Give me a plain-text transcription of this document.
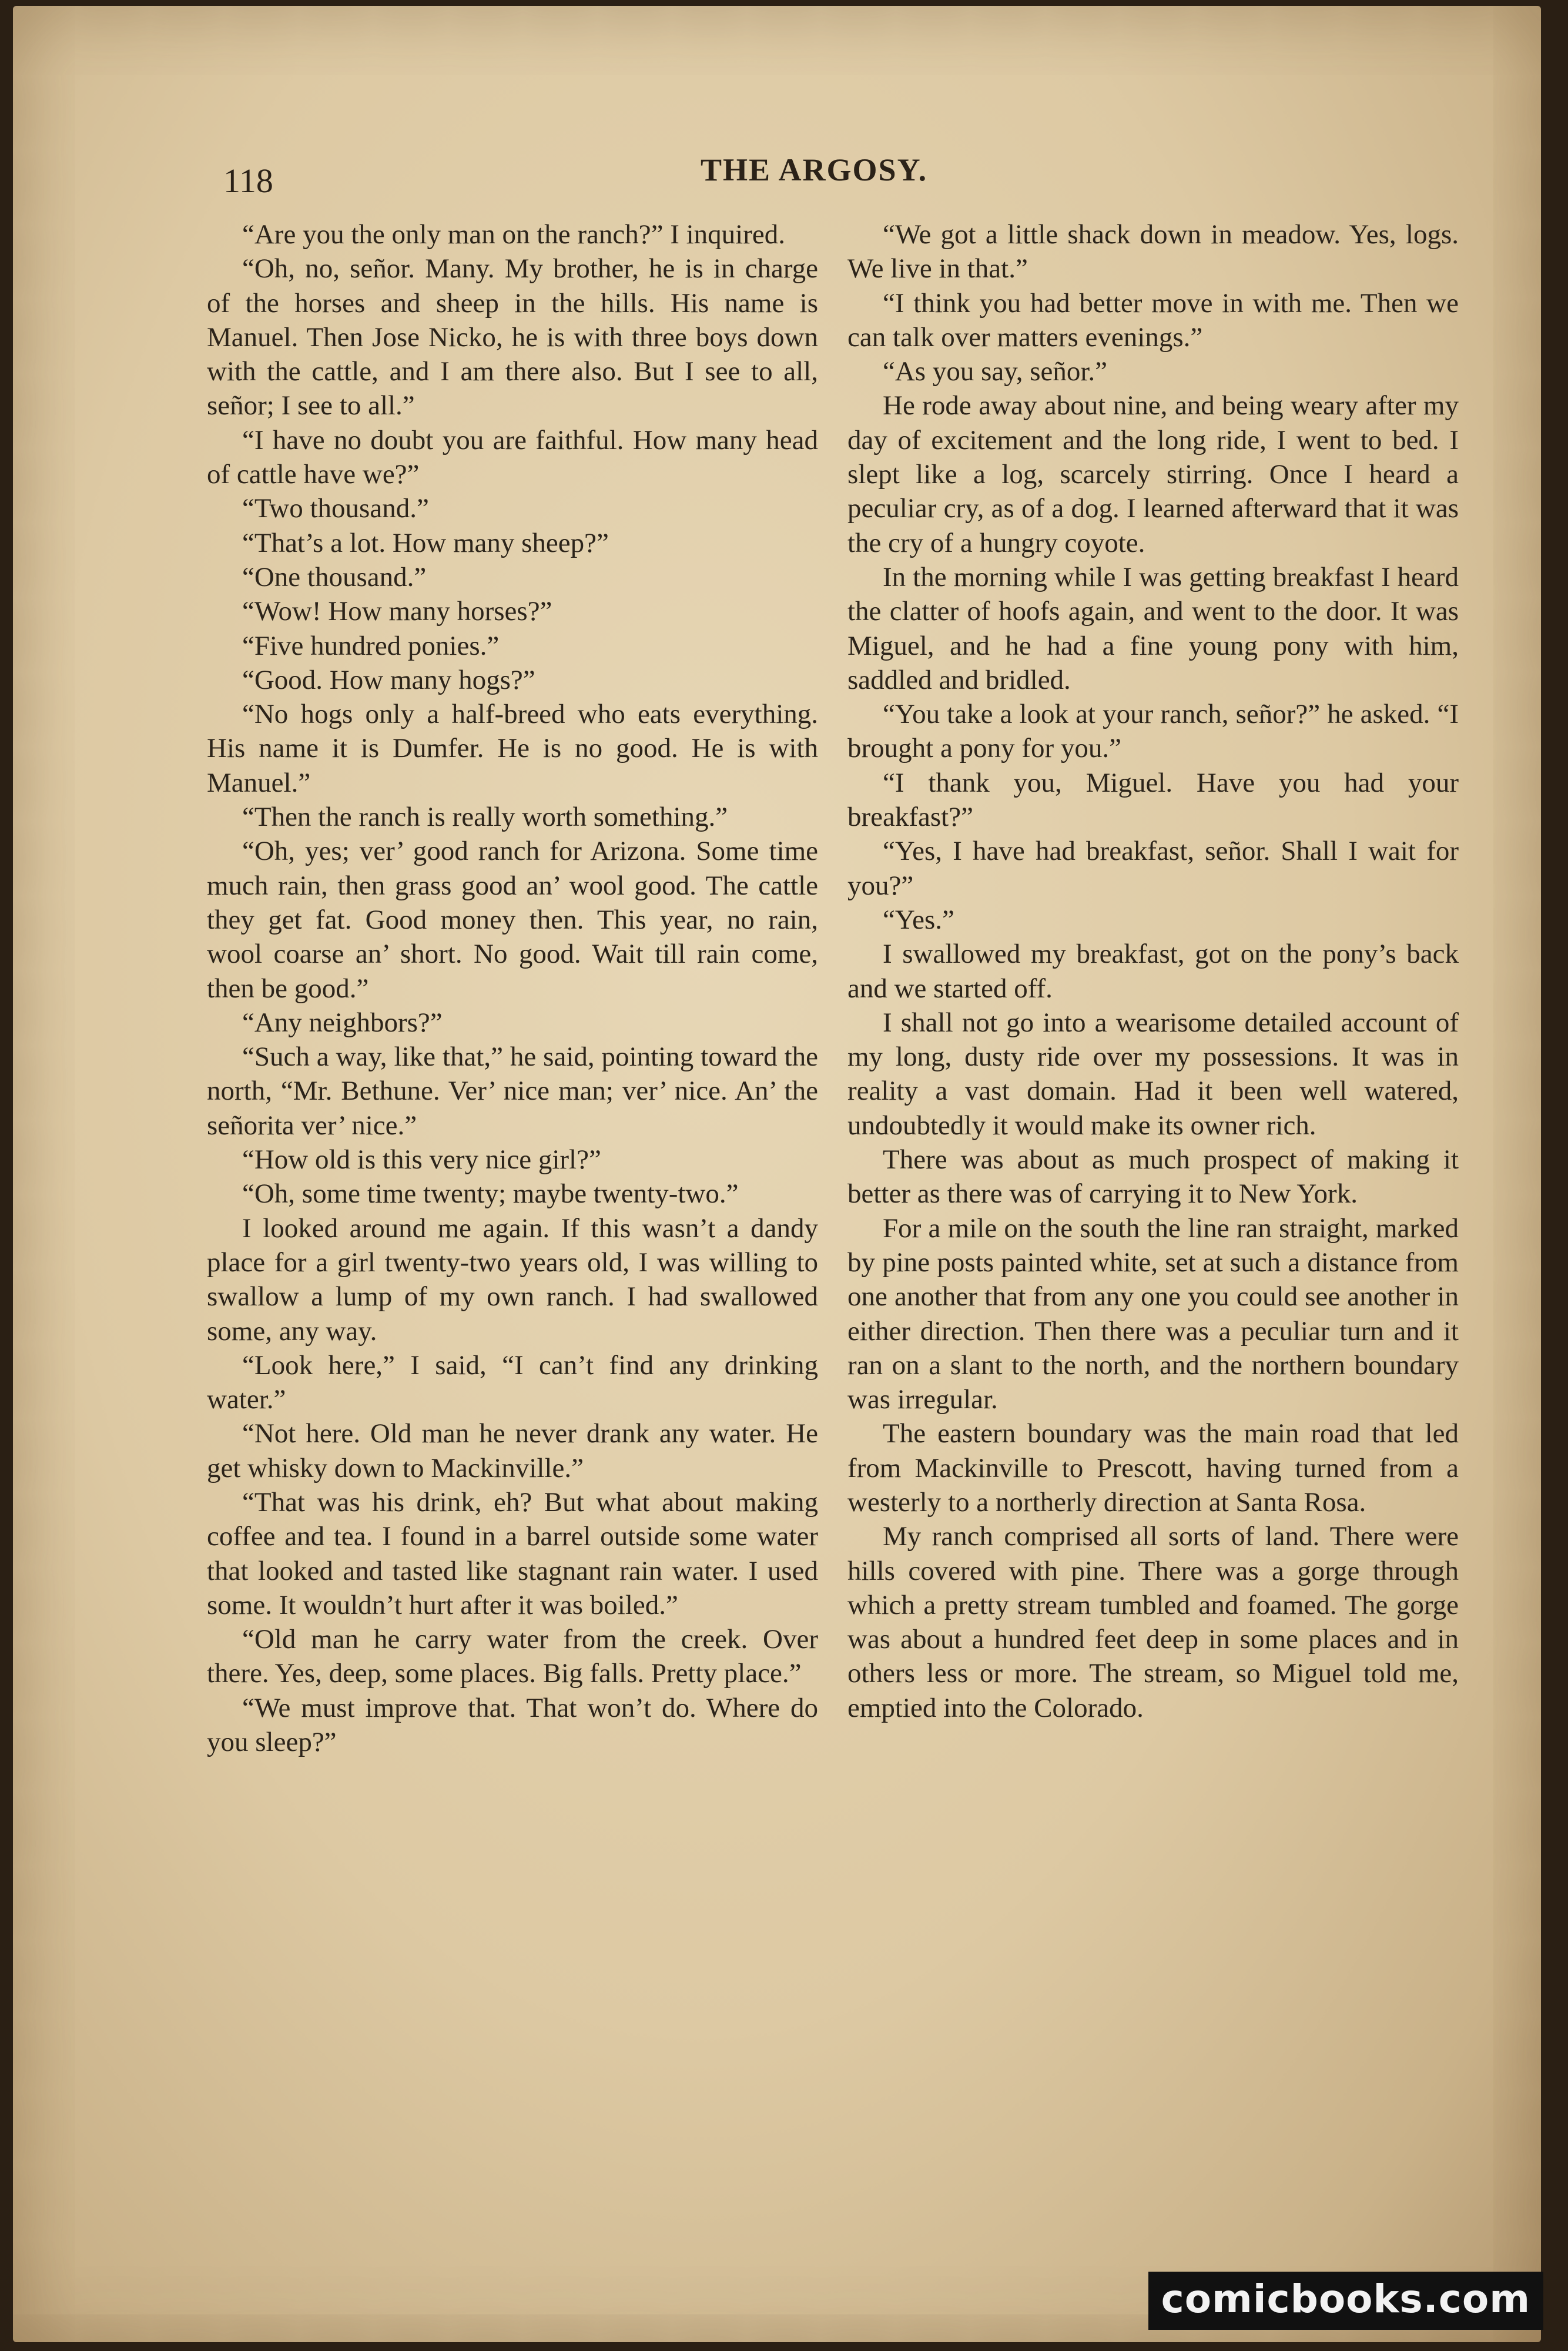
118	THE ARGOSY.

“Are you the only man on the ranch?” I inquired.

“Oh, no, señor. Many. My brother, he is in charge of the horses and sheep in the hills. His name is Manuel. Then Jose Nicko, he is with three boys down with the cattle, and I am there also. But I see to all, señor; I see to all.”

“I have no doubt you are faithful. How many head of cattle have we?”

“Two thousand.”

“That’s a lot. How many sheep?”

“One thousand.”

“Wow! How many horses?”

“Five hundred ponies.”

“Good. How many hogs?”

“No hogs only a half-breed who eats everything. His name it is Dumfer. He is no good. He is with Manuel.”

“Then the ranch is really worth something.”

“Oh, yes; ver’ good ranch for Arizona. Some time much rain, then grass good an’ wool good. The cattle they get fat. Good money then. This year, no rain, wool coarse an’ short. No good. Wait till rain come, then be good.”

“Any neighbors?”

“Such a way, like that,” he said, pointing toward the north, “Mr. Bethune. Ver’ nice man; ver’ nice. An’ the señorita ver’ nice.”

“How old is this very nice girl?”

“Oh, some time twenty; maybe twenty-two.”

I looked around me again. If this wasn’t a dandy place for a girl twenty-two years old, I was willing to swallow a lump of my own ranch. I had swallowed some, any way.

“Look here,” I said, “I can’t find any drinking water.”

“Not here. Old man he never drank any water. He get whisky down to Mackinville.”

“That was his drink, eh? But what about making coffee and tea. I found in a barrel outside some water that looked and tasted like stagnant rain water. I used some. It wouldn’t hurt after it was boiled.”

“Old man he carry water from the creek. Over there. Yes, deep, some places. Big falls. Pretty place.”

“We must improve that. That won’t do. Where do you sleep?”

“We got a little shack down in meadow. Yes, logs. We live in that.”

“I think you had better move in with me. Then we can talk over matters evenings.”

“As you say, señor.”

He rode away about nine, and being weary after my day of excitement and the long ride, I went to bed. I slept like a log, scarcely stirring. Once I heard a peculiar cry, as of a dog. I learned afterward that it was the cry of a hungry coyote.

In the morning while I was getting breakfast I heard the clatter of hoofs again, and went to the door. It was Miguel, and he had a fine young pony with him, saddled and bridled.

“You take a look at your ranch, señor?” he asked. “I brought a pony for you.”

“I thank you, Miguel. Have you had your breakfast?”

“Yes, I have had breakfast, señor. Shall I wait for you?”

“Yes.”

I swallowed my breakfast, got on the pony’s back and we started off.

I shall not go into a wearisome detailed account of my long, dusty ride over my possessions. It was in reality a vast domain. Had it been well watered, undoubtedly it would make its owner rich.

There was about as much prospect of making it better as there was of carrying it to New York.

For a mile on the south the line ran straight, marked by pine posts painted white, set at such a distance from one another that from any one you could see another in either direction. Then there was a peculiar turn and it ran on a slant to the north, and the northern boundary was irregular.

The eastern boundary was the main road that led from Mackinville to Prescott, having turned from a westerly to a northerly direction at Santa Rosa.

My ranch comprised all sorts of land. There were hills covered with pine. There was a gorge through which a pretty stream tumbled and foamed. The gorge was about a hundred feet deep in some places and in others less or more. The stream, so Miguel told me, emptied into the Colorado.

comicbooks.com
